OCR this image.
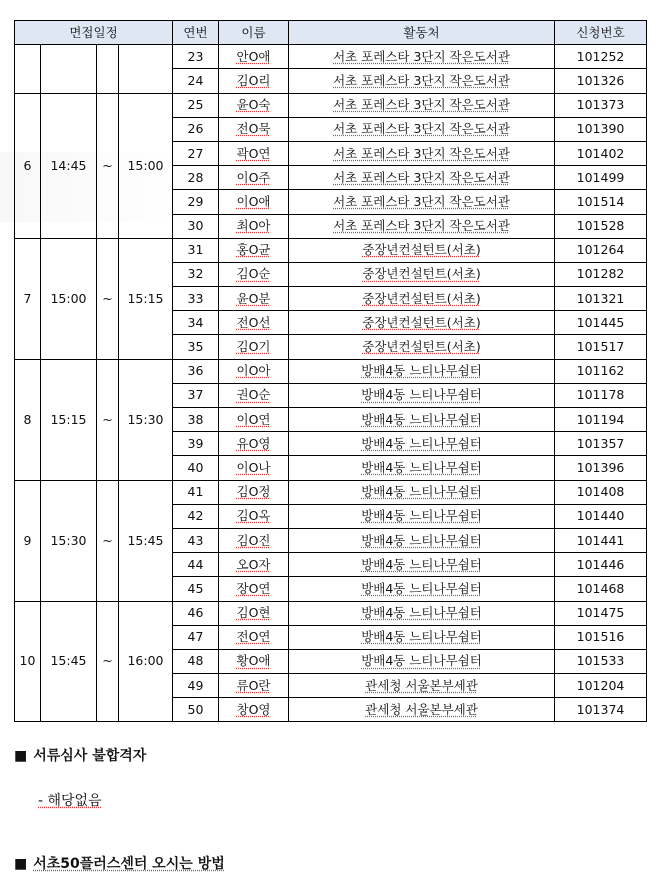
면접일정				연번	이름	활동처	신청번호
				23	안O애	서초 포레스타 3단지 작은도서관	101252
				24	김O리	서초 포레스타 3단지 작은도서관	101326
6	14:45	~	15:00	25	윤O숙	서초 포레스타 3단지 작은도서관	101373
				26	전O묵	서초 포레스타 3단지 작은도서관	101390
				27	곽O연	서초 포레스타 3단지 작은도서관	101402
				28	이O주	서초 포레스타 3단지 작은도서관	101499
				29	이O애	서초 포레스타 3단지 작은도서관	101514
				30	최O아	서초 포레스타 3단지 작은도서관	101528
7	15:00	~	15:15	31	홍O균	중장년컨설턴트(서초)	101264
				32	김O순	중장년컨설턴트(서초)	101282
				33	윤O분	중장년컨설턴트(서초)	101321
				34	전O선	중장년컨설턴트(서초)	101445
				35	김O기	중장년컨설턴트(서초)	101517
8	15:15	~	15:30	36	이O아	방배4동 느티나무쉼터	101162
				37	권O순	방배4동 느티나무쉼터	101178
				38	이O연	방배4동 느티나무쉼터	101194
				39	유O영	방배4동 느티나무쉼터	101357
				40	이O나	방배4동 느티나무쉼터	101396
9	15:30	~	15:45	41	김O정	방배4동 느티나무쉼터	101408
				42	김O옥	방배4동 느티나무쉼터	101440
				43	김O진	방배4동 느티나무쉼터	101441
				44	오O자	방배4동 느티나무쉼터	101446
				45	장O연	방배4동 느티나무쉼터	101468
10	15:45	~	16:00	46	김O현	방배4동 느티나무쉼터	101475
				47	전O연	방배4동 느티나무쉼터	101516
				48	황O애	방배4동 느티나무쉼터	101533
				49	류O란	관세청 서울본부세관	101204
				50	창O영	관세청 서울본부세관	101374
■ 서류심사 불합격자
- 해당없음
■ 서초50플러스센터 오시는 방법
